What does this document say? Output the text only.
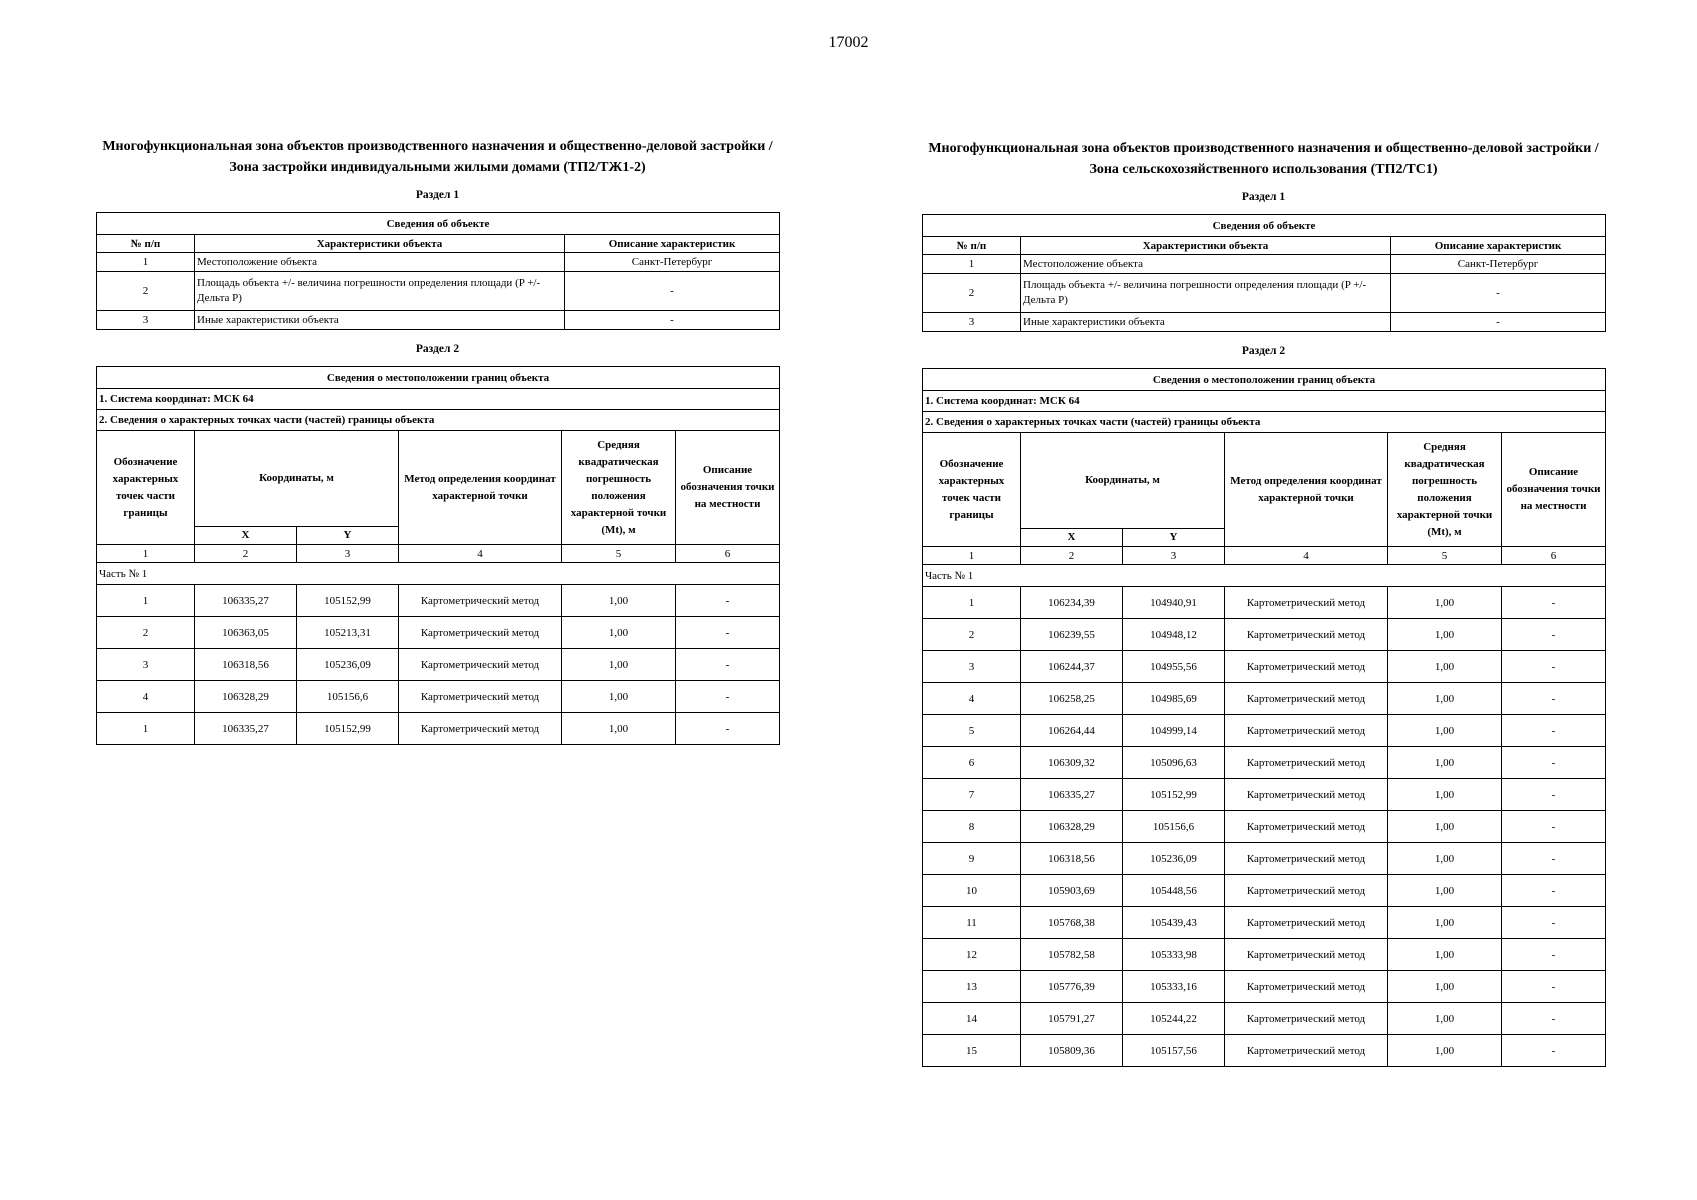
17002
Многофункциональная зона объектов производственного назначения и общественно-деловой застройки / Зона застройки индивидуальными жилыми домами (ТП2/ТЖ1-2)
Раздел 1
Сведения об объекте		
№ п/п	Характеристики объекта	Описание характеристик
1	Местоположение объекта	Санкт-Петербург
2	Площадь объекта +/- величина погрешности определения площади (P +/- Дельта P)	-
3	Иные характеристики объекта	-
Раздел 2
Сведения о местоположении границ объекта					
1. Система координат: МСК 64					
2. Сведения о характерных точках части (частей) границы объекта					
Обозначение характерных точек части границы	Координаты, м		Метод определения координат характерной точки	Средняя квадратическая погрешность положения характерной точки (Mt), м	Описание обозначения точки на местности
	X	Y			
1	2	3	4	5	6
Часть № 1					
1	106335,27	105152,99	Картометрический метод	1,00	-
2	106363,05	105213,31	Картометрический метод	1,00	-
3	106318,56	105236,09	Картометрический метод	1,00	-
4	106328,29	105156,6	Картометрический метод	1,00	-
1	106335,27	105152,99	Картометрический метод	1,00	-
Многофункциональная зона объектов производственного назначения и общественно-деловой застройки / Зона сельскохозяйственного использования (ТП2/ТС1)
Раздел 1
Сведения об объекте		
№ п/п	Характеристики объекта	Описание характеристик
1	Местоположение объекта	Санкт-Петербург
2	Площадь объекта +/- величина погрешности определения площади (P +/- Дельта P)	-
3	Иные характеристики объекта	-
Раздел 2
Сведения о местоположении границ объекта					
1. Система координат: МСК 64					
2. Сведения о характерных точках части (частей) границы объекта					
Обозначение характерных точек части границы	Координаты, м		Метод определения координат характерной точки	Средняя квадратическая погрешность положения характерной точки (Mt), м	Описание обозначения точки на местности
	X	Y			
1	2	3	4	5	6
Часть № 1					
1	106234,39	104940,91	Картометрический метод	1,00	-
2	106239,55	104948,12	Картометрический метод	1,00	-
3	106244,37	104955,56	Картометрический метод	1,00	-
4	106258,25	104985,69	Картометрический метод	1,00	-
5	106264,44	104999,14	Картометрический метод	1,00	-
6	106309,32	105096,63	Картометрический метод	1,00	-
7	106335,27	105152,99	Картометрический метод	1,00	-
8	106328,29	105156,6	Картометрический метод	1,00	-
9	106318,56	105236,09	Картометрический метод	1,00	-
10	105903,69	105448,56	Картометрический метод	1,00	-
11	105768,38	105439,43	Картометрический метод	1,00	-
12	105782,58	105333,98	Картометрический метод	1,00	-
13	105776,39	105333,16	Картометрический метод	1,00	-
14	105791,27	105244,22	Картометрический метод	1,00	-
15	105809,36	105157,56	Картометрический метод	1,00	-
